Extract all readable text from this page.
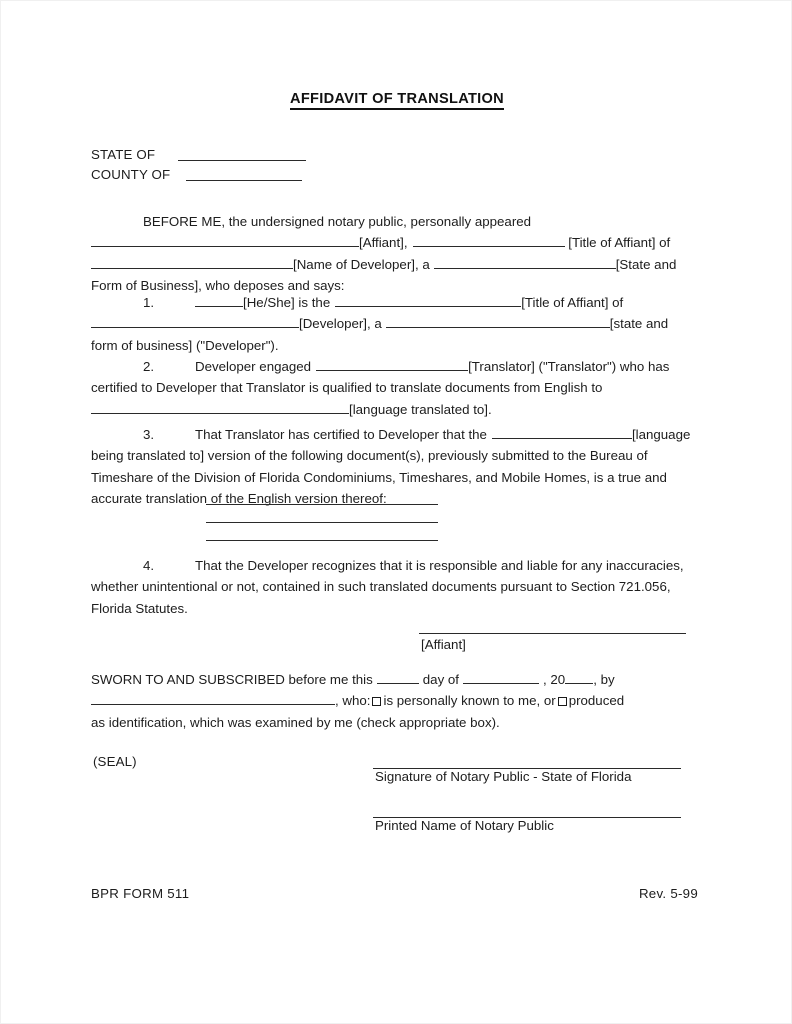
AFFIDAVIT OF TRANSLATION
STATE OF
COUNTY OF

BEFORE ME, the undersigned notary public, personally appeared

[Affiant],	[Title of Affiant] of

[Name of Developer], a	[State and

Form of Business], who deposes and says:

1.	[He/She] is the	[Title of Affiant] of

[Developer], a	[state and

form of business] ("Developer").

2.	Developer engaged	[Translator] ("Translator") who has

certified to Developer that Translator is qualified to translate documents from English to

[language translated to].

3.	That Translator has certified to Developer that the	[language

being translated to] version of the following document(s), previously submitted to the Bureau of

Timeshare of the Division of Florida Condominiums, Timeshares, and Mobile Homes, is a true and

accurate translation of the English version thereof:

4.	That the Developer recognizes that it is responsible and liable for any inaccuracies,

whether unintentional or not, contained in such translated documents pursuant to Section 721.056,

Florida Statutes.

[Affiant]

SWORN TO AND SUBSCRIBED before me this	day of	, 20 , by

, who: is personally known to me, or produced

as identification, which was examined by me (check appropriate box).

(SEAL)
Signature of Notary Public - State of Florida
Printed Name of Notary Public
BPR FORM 511	Rev. 5-99
